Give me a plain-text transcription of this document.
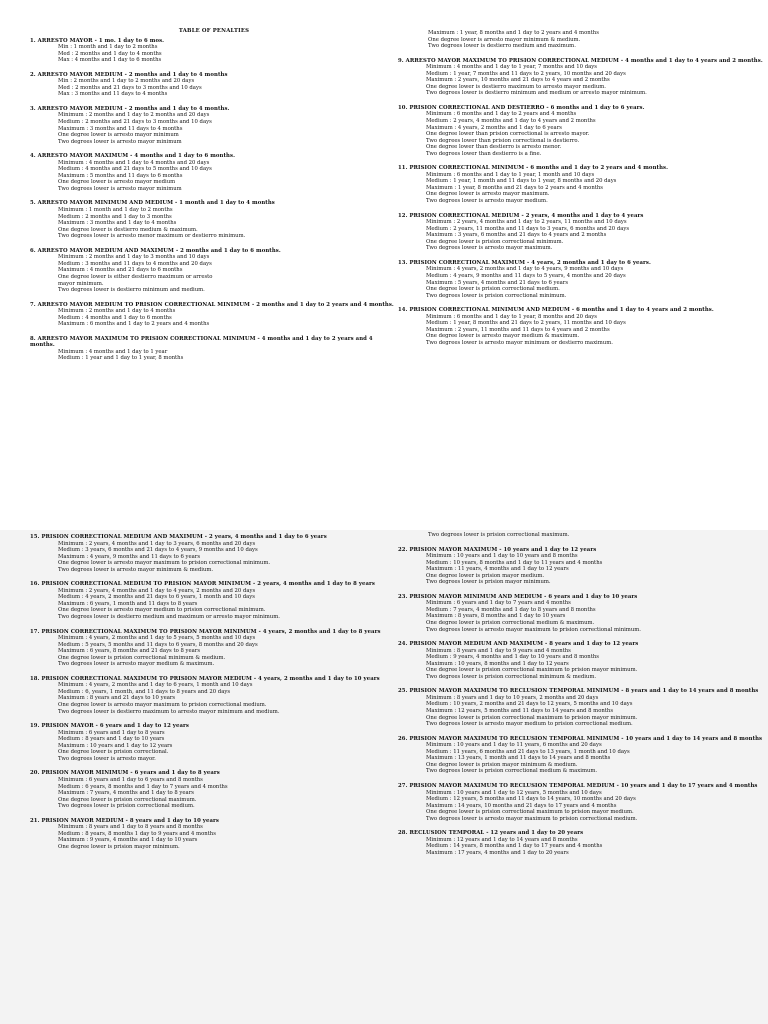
TABLE OF PENALTIES
1. ARRESTO MAYOR - 1 mo. 1 day to 6 mos.
Min : 1 month and 1 day to 2 months
Med : 2 months and 1 day to 4 months
Max : 4 months and 1 day to 6 months
2. ARRESTO MAYOR MEDIUM - 2 months and 1 day to 4 months
Min : 2 months and 1 day to 2 months and 20 days
Med : 2 months and 21 days to 3 months and 10 days
Max : 3 months and 11 days to 4 months
3. ARRESTO MAYOR MEDIUM - 2 months and 1 day to 4 months.
Minimum : 2 months and 1 day to 2 months and 20 days
Medium : 2 months and 21 days to 3 months and 10 days
Maximum : 3 months and 11 days to 4 months
One degree lower is arresto mayor minimum
Two degrees lower is arresto mayor minimum
4. ARRESTO MAYOR MAXIMUM - 4 months and 1 day to 6 months.
Minimum : 4 months and 1 day to 4 months and 20 days
Medium : 4 months and 21 days to 5 months and 10 days
Maximum : 5 months and 11 days to 6 months
One degree lower is arresto mayor medium
Two degrees lower is arresto mayor minimum
5. ARRESTO MAYOR MINIMUM AND MEDIUM - 1 month and 1 day to 4 months
Minimum : 1 month and 1 day to 2 months
Medium : 2 months and 1 day to 3 months
Maximum : 3 months and 1 day to 4 months
One degree lower is destierro medium & maximum.
Two degrees lower is arresto menor maximum or destierro minimum.
6. ARRESTO MAYOR MEDIUM AND MAXIMUM - 2 months and 1 day to 6 months.
Minimum : 2 months and 1 day to 3 months and 10 days
Medium : 3 months and 11 days to 4 months and 20 days
Maximum : 4 months and 21 days to 6 months
One degree lower is either destierro maximum or arresto
mayor minimum.
Two degrees lower is destierro minimum and medium.
7. ARRESTO MAYOR MEDIUM TO PRISION CORRECTIONAL MINIMUM - 2 months and 1 day to 2 years and 4 months.
Minimum : 2 months and 1 day to 4 months
Medium : 4 months and 1 day to 6 months
Maximum : 6 months and 1 day to 2 years and 4 months
8. ARRESTO MAYOR MAXIMUM TO PRISION CORRECTIONAL MINIMUM - 4 months and 1 day to 2 years and 4 months.
Minimum : 4 months and 1 day to 1 year
Medium : 1 year and 1 day to 1 year, 8 months
Maximum : 1 year, 8 months and 1 day to 2 years and 4 months
One degree lower is arresto mayor minimum & medium.
Two degrees lower is destierro medium and maximum.
9. ARRESTO MAYOR MAXIMUM TO PRISION CORRECTIONAL MEDIUM - 4 months and 1 day to 4 years and 2 months.
Minimum : 4 months and 1 day to 1 year, 7 months and 10 days
Medium : 1 year, 7 months and 11 days to 2 years, 10 months and 20 days
Maximum : 2 years, 10 months and 21 days to 4 years and 2 months
One degree lower is destierro maximum to arresto mayor medium.
Two degrees lower is destierro minimum and medium or arresto mayor minimum.
10. PRISION CORRECTIONAL AND DESTIERRO - 6 months and 1 day to 6 years.
Minimum : 6 months and 1 day to 2 years and 4 months
Medium : 2 years, 4 months and 1 day to 4 years and 2 months
Maximum : 4 years, 2 months and 1 day to 6 years
One degree lower than prision correctional is arresto mayor.
Two degrees lower than prision correctional is destierro.
One degree lower than destierro is arresto menor.
Two degrees lower than destierro is a fine.
11. PRISION CORRECTIONAL MINIMUM - 6 months and 1 day to 2 years and 4 months.
Minimum : 6 months and 1 day to 1 year, 1 month and 10 days
Medium : 1 year, 1 month and 11 days to 1 year, 8 months and 20 days
Maximum : 1 year, 8 months and 21 days to 2 years and 4 months
One degree lower is arresto mayor maximum.
Two degrees lower is arresto mayor medium.
12. PRISION CORRECTIONAL MEDIUM - 2 years, 4 months and 1 day to 4 years
Minimum : 2 years, 4 months and 1 day to 2 years, 11 months and 10 days
Medium : 2 years, 11 months and 11 days to 3 years, 6 months and 20 days
Maximum : 3 years, 6 months and 21 days to 4 years and 2 months
One degree lower is prision correctional minimum.
Two degrees lower is arresto mayor maximum.
13. PRISION CORRECTIONAL MAXIMUM - 4 years, 2 months and 1 day to 6 years.
Minimum : 4 years, 2 months and 1 day to 4 years, 9 months and 10 days
Medium : 4 years, 9 months and 11 days to 5 years, 4 months and 20 days
Maximum : 5 years, 4 months and 21 days to 6 years
One degree lower is prision correctional medium.
Two degrees lower is prision correctional minimum.
14. PRISION CORRECTIONAL MINIMUM AND MEDIUM - 6 months and 1 day to 4 years and 2 months.
Minimum : 6 months and 1 day to 1 year, 8 months and 20 days
Medium : 1 year, 8 months and 21 days to 2 years, 11 months and 10 days
Maximum : 2 years, 11 months and 11 days to 4 years and 2 months
One degree lower is arresto mayor medium & maximum.
Two degrees lower is arresto mayor minimum or destierro maximum.
15. PRISION CORRECTIONAL MEDIUM AND MAXIMUM - 2 years, 4 months and 1 day to 6 years
Minimum : 2 years, 4 months and 1 day to 3 years, 6 months and 20 days
Medium : 3 years, 6 months and 21 days to 4 years, 9 months and 10 days
Maximum : 4 years, 9 months and 11 days to 6 years
One degree lower is arresto mayor maximum to prision correctional minimum.
Two degrees lower is arresto mayor minimum & medium.
16. PRISION CORRECTIONAL MEDIUM TO PRISION MAYOR MINIMUM - 2 years, 4 months and 1 day to 8 years
Minimum : 2 years, 4 months and 1 day to 4 years, 2 months and 20 days
Medium : 4 years, 2 months and 21 days to 6 years, 1 month and 10 days
Maximum : 6 years, 1 month and 11 days to 8 years
One degree lower is arresto mayor medium to prision correctional minimum.
Two degrees lower is destierro medium and maximum or arresto mayor minimum.
17. PRISION CORRECTIONAL MAXIMUM TO PRISION MAYOR MINIMUM - 4 years, 2 months and 1 day to 8 years
Minimum : 4 years, 2 months and 1 day to 5 years, 5 months and 10 days
Medium : 5 years, 5 months and 11 days to 6 years, 8 months and 20 days
Maximum : 6 years, 8 months and 21 days to 8 years
One degree lower is prision correctional minimum & medium.
Two degrees lower is arresto mayor medium & maximum.
18. PRISION CORRECTIONAL MAXIMUM TO PRISION MAYOR MEDIUM - 4 years, 2 months and 1 day to 10 years
Minimum : 4 years, 2 months and 1 day to 6 years, 1 month and 10 days
Medium : 6, years, 1 month, and 11 days to 8 years and 20 days
Maximum : 8 years and 21 days to 10 years
One degree lower is arresto mayor maximum to prision correctional medium.
Two degrees lower is destierro maximum to arresto mayor minimum and medium.
19. PRISION MAYOR - 6 years and 1 day to 12 years
Minimum : 6 years and 1 day to 8 years
Medium : 8 years and 1 day to 10 years
Maximum : 10 years and 1 day to 12 years
One degree lower is prision correctional.
Two degrees lower is arresto mayor.
20. PRISION MAYOR MINIMUM - 6 years and 1 day to 8 years
Minimum : 6 years and 1 day to 6 years and 8 months
Medium : 6 years, 8 months and 1 day to 7 years and 4 months
Maximum : 7 years, 4 months and 1 day to 8 years
One degree lower is prision correctional maximum.
Two degrees lower is prision correctional medium.
21. PRISION MAYOR MEDIUM - 8 years and 1 day to 10 years
Minimum : 8 years and 1 day to 8 years and 8 months
Medium : 8 years, 8 months 1 day to 9 years and 4 months
Maximum : 9 years, 4 months and 1 day to 10 years
One degree lower is prision mayor minimum.
Two degrees lower is prision correctional maximum.
22. PRISION MAYOR MAXIMUM - 10 years and 1 day to 12 years
Minimum : 10 years and 1 day to 10 years and 8 months
Medium : 10 years, 8 months and 1 day to 11 years and 4 months
Maximum : 11 years, 4 months and 1 day to 12 years
One degree lower is prision mayor medium.
Two degrees lower is prision mayor minimum.
23. PRISION MAYOR MINIMUM AND MEDIUM - 6 years and 1 day to 10 years
Minimum : 6 years and 1 day to 7 years and 4 months
Medium : 7 years, 4 months and 1 day to 8 years and 8 months
Maximum : 8 years, 8 months and 1 day to 10 years
One degree lower is prision correctional medium & maximum.
Two degrees lower is arresto mayor maximum to prision correctional minimum.
24. PRISION MAYOR MEDIUM AND MAXIMUM - 8 years and 1 day to 12 years
Minimum : 8 years and 1 day to 9 years and 4 months
Medium : 9 years, 4 months and 1 day to 10 years and 8 months
Maximum : 10 years, 8 months and 1 day to 12 years
One degree lower is prision correctional maximum to prision mayor minimum.
Two degrees lower is prision correctional minimum & medium.
25. PRISION MAYOR MAXIMUM TO RECLUSION TEMPORAL MINIMUM - 8 years and 1 day to 14 years and 8 months
Minimum : 8 years and 1 day to 10 years, 2 months and 20 days
Medium : 10 years, 2 months and 21 days to 12 years, 5 months and 10 days
Maximum : 12 years, 5 months and 11 days to 14 years and 8 months
One degree lower is prision correctional maximum to prision mayor minimum.
Two degrees lower is arresto mayor medium to prision correctional medium.
26. PRISION MAYOR MAXIMUM TO RECLUSION TEMPORAL MINIMUM - 10 years and 1 day to 14 years and 8 months
Minimum : 10 years and 1 day to 11 years, 6 months and 20 days
Medium : 11 years, 6 months and 21 days to 13 years, 1 month and 10 days
Maximum : 13 years, 1 month and 11 days to 14 years and 8 months
One degree lower is prision mayor minimum & medium.
Two degrees lower is prision correctional medium & maximum.
27. PRISION MAYOR MAXIMUM TO RECLUSION TEMPORAL MEDIUM - 10 years and 1 day to 17 years and 4 months
Minimum : 10 years and 1 day to 12 years, 5 months and 10 days
Medium : 12 years, 5 months and 11 days to 14 years, 10 months and 20 days
Maximum : 14 years, 10 months and 21 days to 17 years and 4 months
One degree lower is prision correctional maximum to prision mayor medium.
Two degrees lower is arresto mayor maximum to prision correctional medium.
28. RECLUSION TEMPORAL - 12 years and 1 day to 20 years
Minimum : 12 years and 1 day to 14 years and 8 months
Medium : 14 years, 8 months and 1 day to 17 years and 4 months
Maximum : 17 years, 4 months and 1 day to 20 years
